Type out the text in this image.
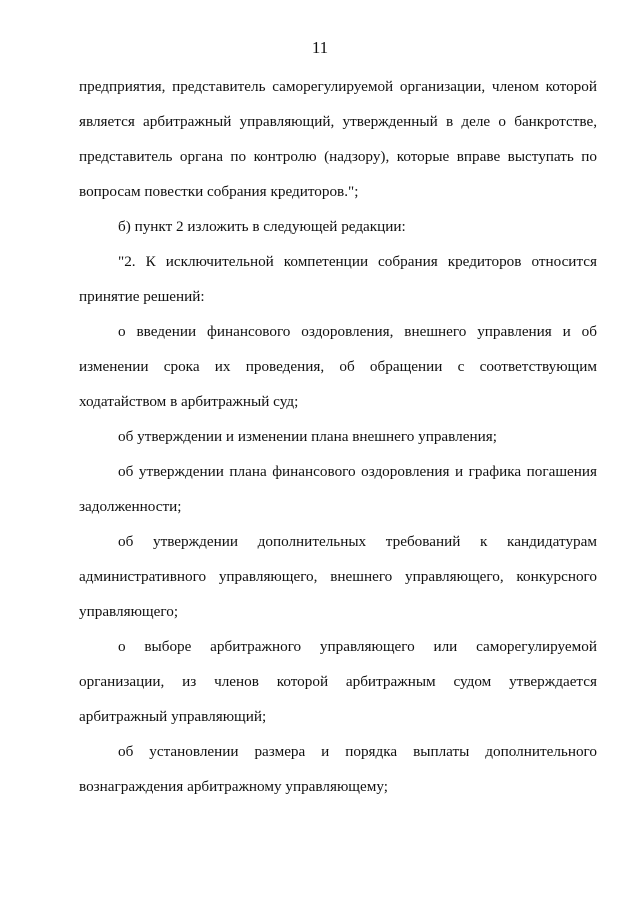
11

предприятия, представитель саморегулируемой организации, членом которой является арбитражный управляющий, утвержденный в деле о банкротстве, представитель органа по контролю (надзору), которые вправе выступать по вопросам повестки собрания кредиторов.";

б) пункт 2 изложить в следующей редакции:

"2. К исключительной компетенции собрания кредиторов относится принятие решений:

о введении финансового оздоровления, внешнего управления и об изменении срока их проведения, об обращении с соответствующим ходатайством в арбитражный суд;

об утверждении и изменении плана внешнего управления;

об утверждении плана финансового оздоровления и графика погашения задолженности;

об утверждении дополнительных требований к кандидатурам административного управляющего, внешнего управляющего, конкурсного управляющего;

о выборе арбитражного управляющего или саморегулируемой организации, из членов которой арбитражным судом утверждается арбитражный управляющий;

об установлении размера и порядка выплаты дополнительного вознаграждения арбитражному управляющему;
